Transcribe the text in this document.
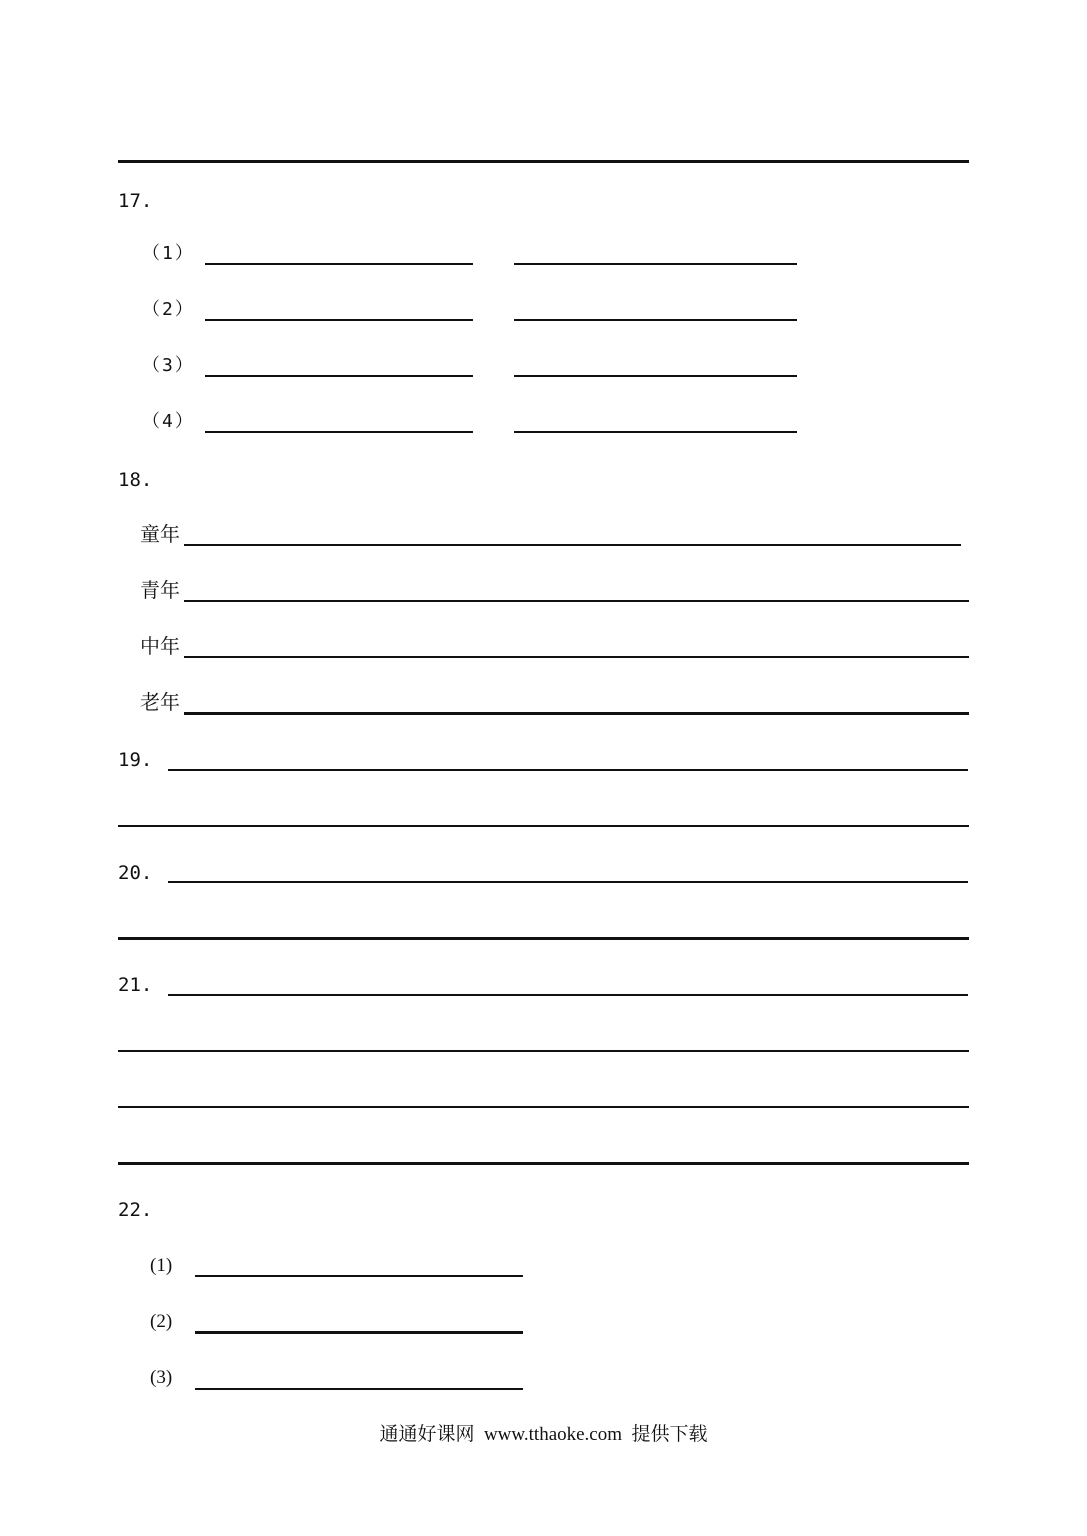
17.
（1）
（2）
（3）
（4）
18.
童年
青年
中年
老年
19.
20.
21.
22.
(1)
(2)
(3)
通通好课网 www.tthaoke.com 提供下载
